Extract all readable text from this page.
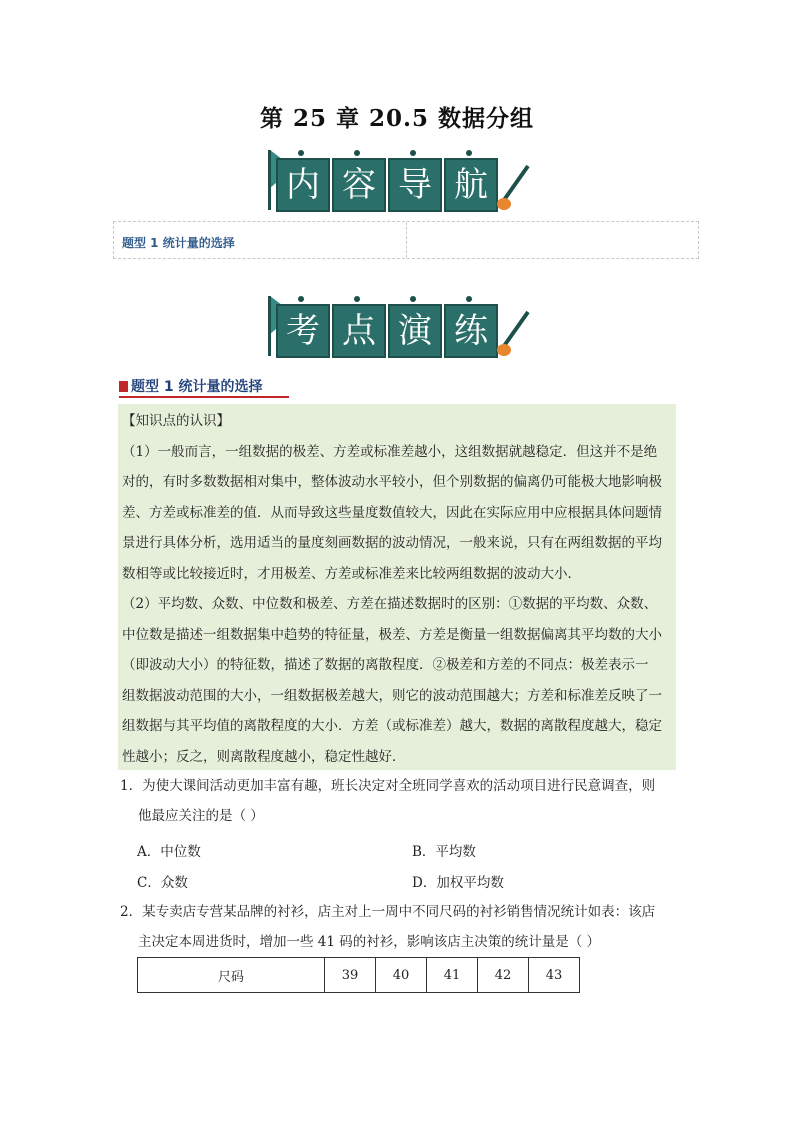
第 25 章 20.5 数据分组
内 容 导 航
题型 1 统计量的选择
考 点 演 练
题型 1 统计量的选择

【知识点的认识】

（1）一般而言，一组数据的极差、方差或标准差越小，这组数据就越稳定．但这并不是绝

对的，有时多数数据相对集中，整体波动水平较小，但个别数据的偏离仍可能极大地影响极

差、方差或标准差的值．从而导致这些量度数值较大，因此在实际应用中应根据具体问题情

景进行具体分析，选用适当的量度刻画数据的波动情况，一般来说，只有在两组数据的平均

数相等或比较接近时，才用极差、方差或标准差来比较两组数据的波动大小．

（2）平均数、众数、中位数和极差、方差在描述数据时的区别：①数据的平均数、众数、

中位数是描述一组数据集中趋势的特征量，极差、方差是衡量一组数据偏离其平均数的大小

（即波动大小）的特征数，描述了数据的离散程度．②极差和方差的不同点：极差表示一

组数据波动范围的大小，一组数据极差越大，则它的波动范围越大；方差和标准差反映了一

组数据与其平均值的离散程度的大小．方差（或标准差）越大，数据的离散程度越大，稳定

性越小；反之，则离散程度越小，稳定性越好．

1．为使大课间活动更加丰富有趣，班长决定对全班同学喜欢的活动项目进行民意调查，则
他最应关注的是（ ）
A．中位数	B．平均数
C．众数	D．加权平均数
2．某专卖店专营某品牌的衬衫，店主对上一周中不同尺码的衬衫销售情况统计如表：该店
主决定本周进货时，增加一些 41 码的衬衫，影响该店主决策的统计量是（ ）
尺码	39	40	41	42	43
